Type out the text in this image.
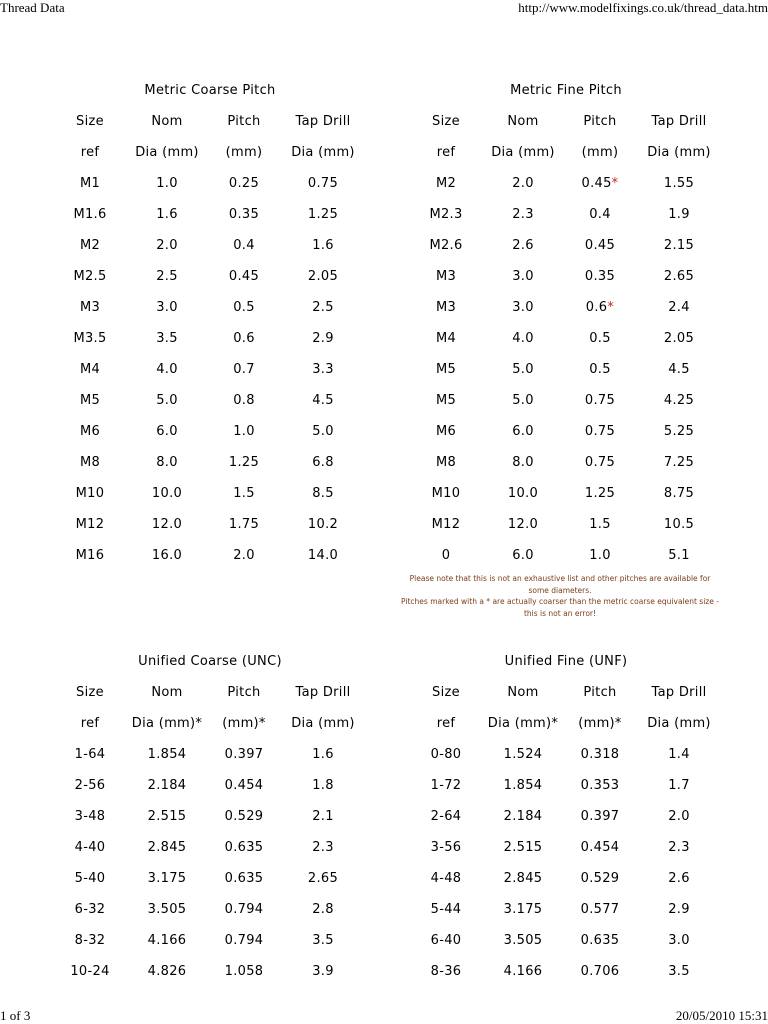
Thread Data	http://www.modelfixings.co.uk/thread_data.htm
Metric Coarse Pitch
Size	Nom	Pitch	Tap Drill
ref	Dia (mm)	(mm)	Dia (mm)
M1	1.0	0.25	0.75
M1.6	1.6	0.35	1.25
M2	2.0	0.4	1.6
M2.5	2.5	0.45	2.05
M3	3.0	0.5	2.5
M3.5	3.5	0.6	2.9
M4	4.0	0.7	3.3
M5	5.0	0.8	4.5
M6	6.0	1.0	5.0
M8	8.0	1.25	6.8
M10	10.0	1.5	8.5
M12	12.0	1.75	10.2
M16	16.0	2.0	14.0
Metric Fine Pitch
Size	Nom	Pitch	Tap Drill
ref	Dia (mm)	(mm)	Dia (mm)
M2	2.0	0.45*	1.55
M2.3	2.3	0.4	1.9
M2.6	2.6	0.45	2.15
M3	3.0	0.35	2.65
M3	3.0	0.6*	2.4
M4	4.0	0.5	2.05
M5	5.0	0.5	4.5
M5	5.0	0.75	4.25
M6	6.0	0.75	5.25
M8	8.0	0.75	7.25
M10	10.0	1.25	8.75
M12	12.0	1.5	10.5
0	6.0	1.0	5.1
Unified Coarse (UNC)
Size	Nom	Pitch	Tap Drill
ref	Dia (mm)*	(mm)*	Dia (mm)
1-64	1.854	0.397	1.6
2-56	2.184	0.454	1.8
3-48	2.515	0.529	2.1
4-40	2.845	0.635	2.3
5-40	3.175	0.635	2.65
6-32	3.505	0.794	2.8
8-32	4.166	0.794	3.5
10-24	4.826	1.058	3.9
Unified Fine (UNF)
Size	Nom	Pitch	Tap Drill
ref	Dia (mm)*	(mm)*	Dia (mm)
0-80	1.524	0.318	1.4
1-72	1.854	0.353	1.7
2-64	2.184	0.397	2.0
3-56	2.515	0.454	2.3
4-48	2.845	0.529	2.6
5-44	3.175	0.577	2.9
6-40	3.505	0.635	3.0
8-36	4.166	0.706	3.5
Please note that this is not an exhaustive list and other pitches are available for some diameters.
Pitches marked with a * are actually coarser than the metric coarse equivalent size - this is not an error!
1 of 3	20/05/2010 15:31
